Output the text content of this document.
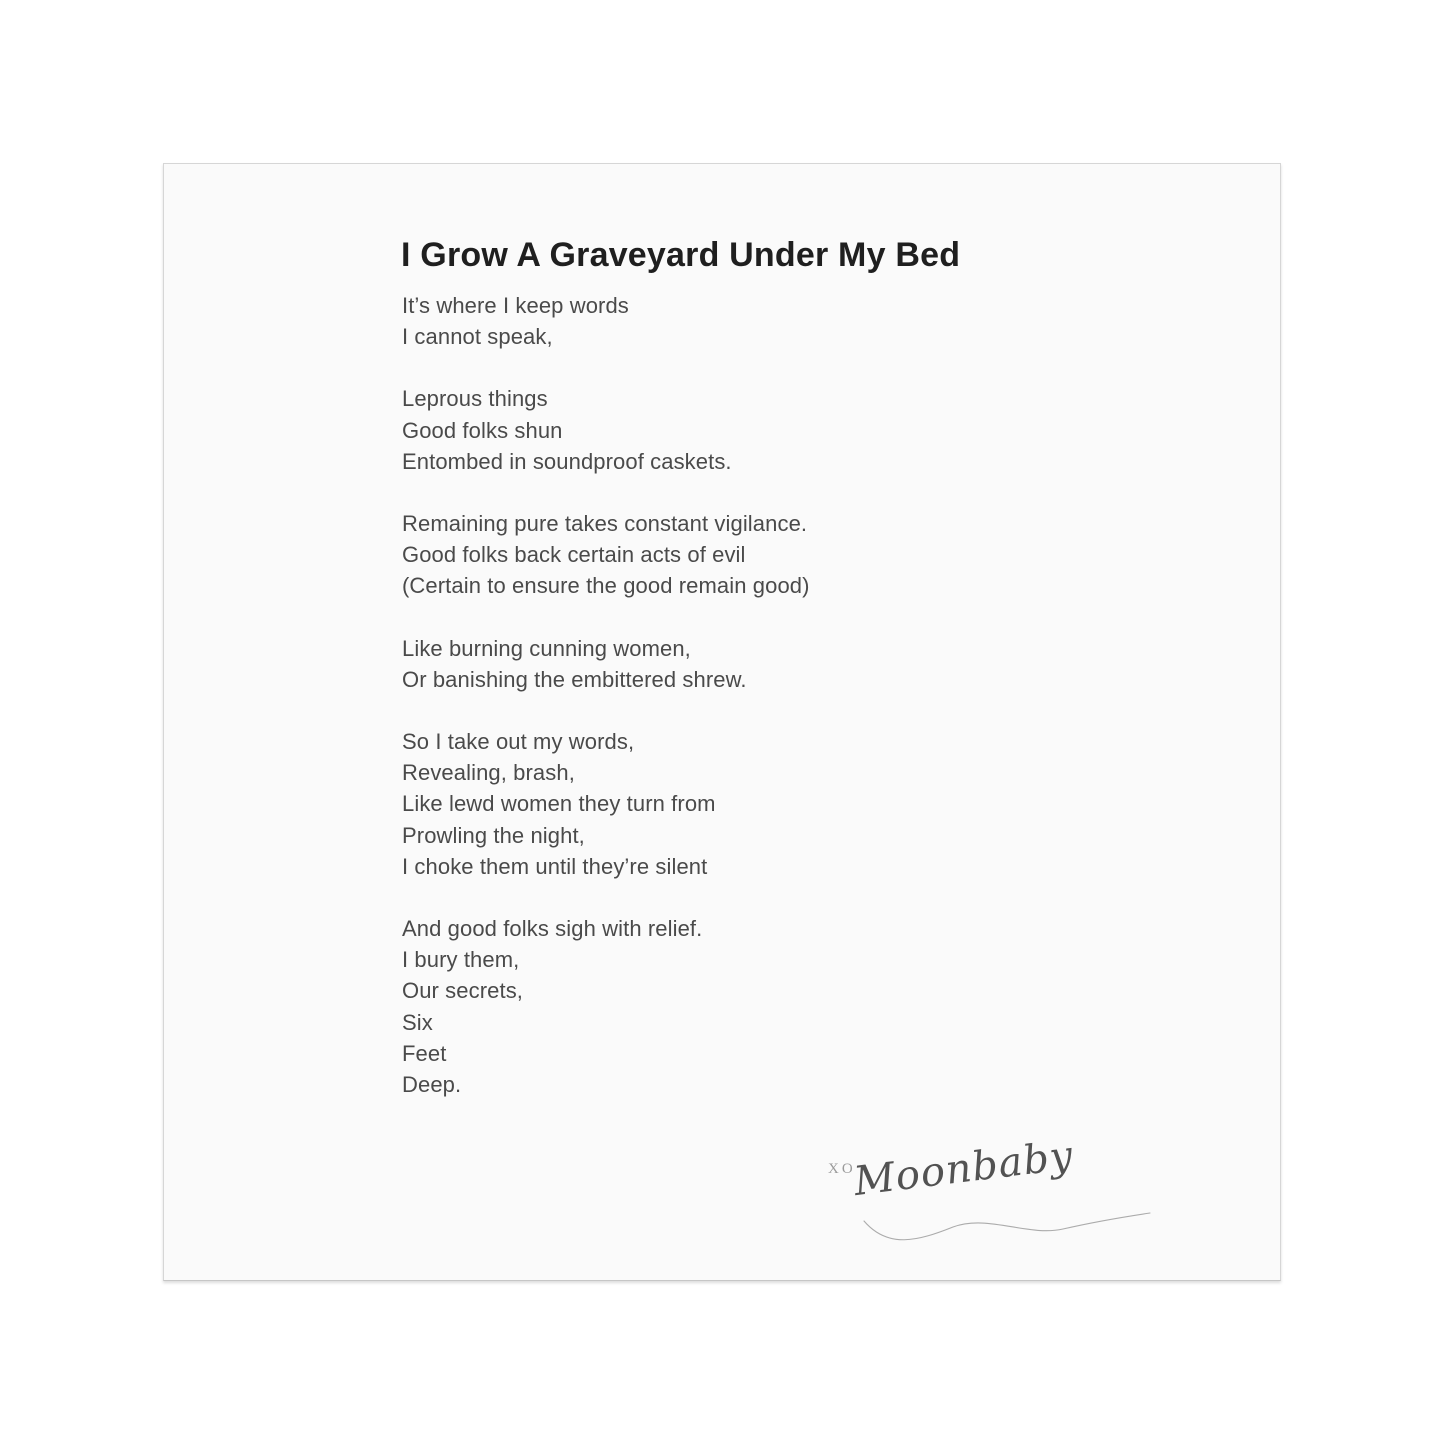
I Grow A Graveyard Under My Bed
It’s where I keep words
I cannot speak,
Leprous things
Good folks shun
Entombed in soundproof caskets.
Remaining pure takes constant vigilance.
Good folks back certain acts of evil
(Certain to ensure the good remain good)
Like burning cunning women,
Or banishing the embittered shrew.
So I take out my words,
Revealing, brash,
Like lewd women they turn from
Prowling the night,
I choke them until they’re silent
And good folks sigh with relief.
I bury them,
Our secrets,
Six
Feet
Deep.
XOMoonbaby
